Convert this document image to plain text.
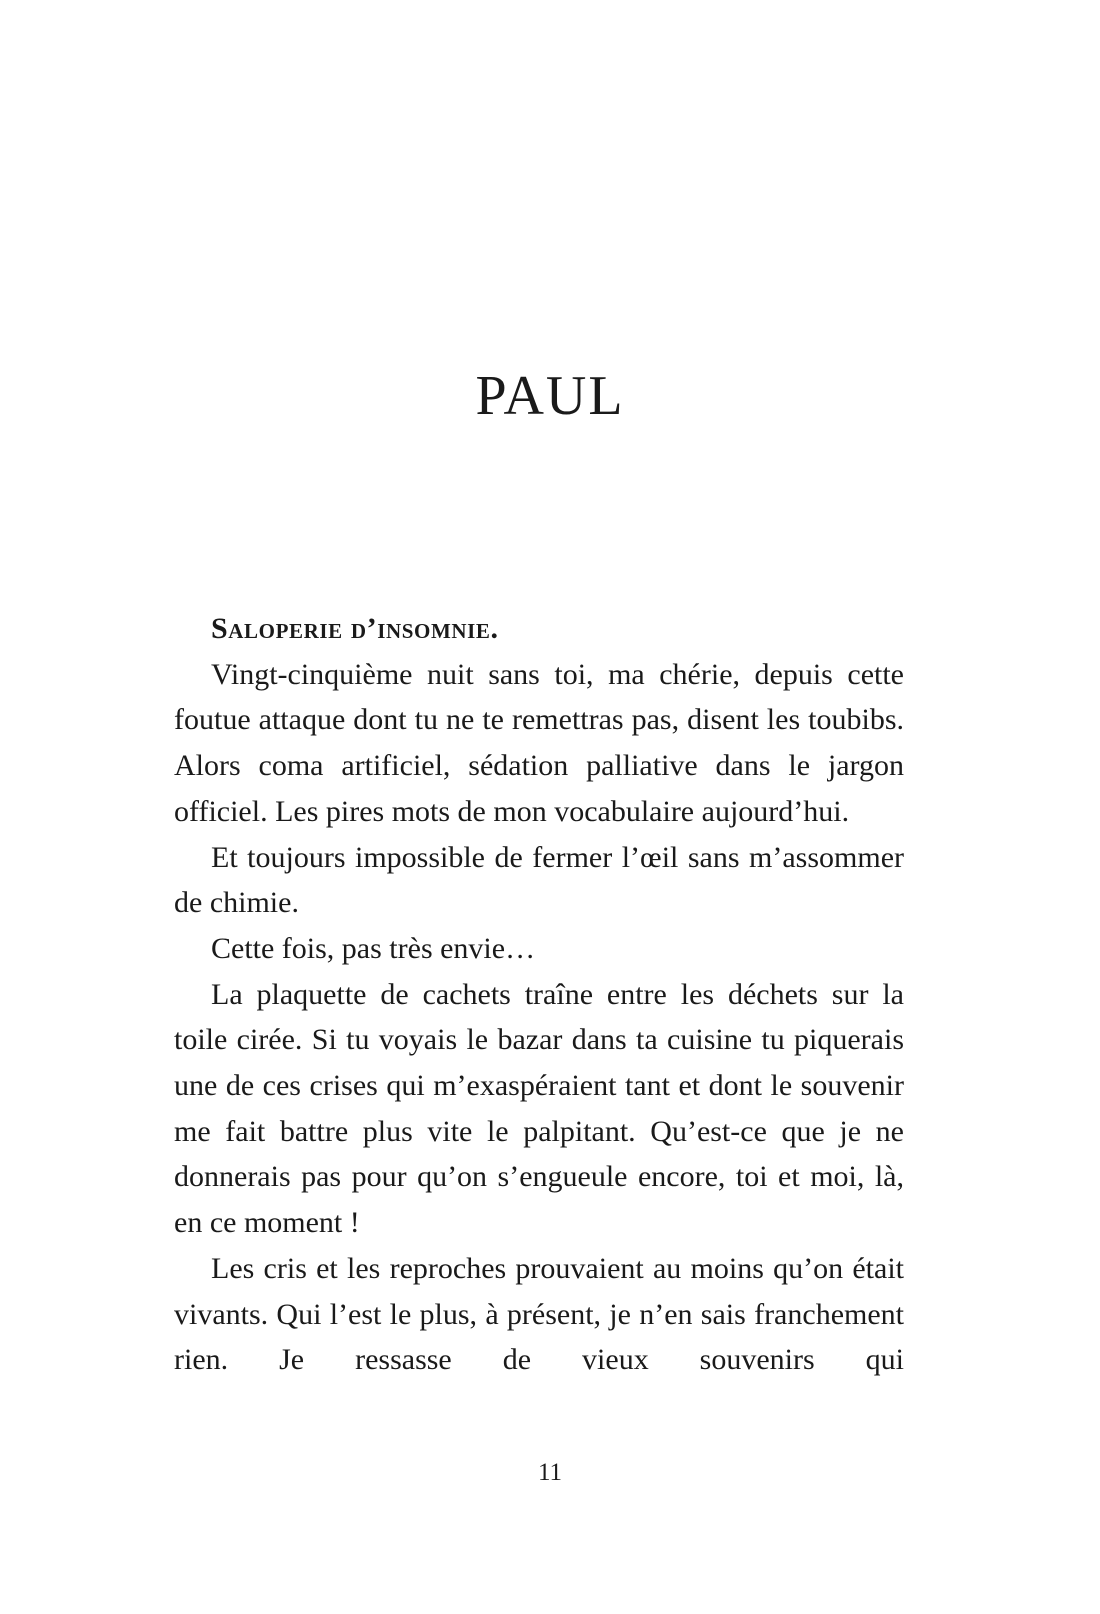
PAUL

Saloperie d’insomnie.

Vingt-cinquième nuit sans toi, ma chérie, depuis cette foutue attaque dont tu ne te remettras pas, disent les toubibs. Alors coma artificiel, sédation palliative dans le jargon officiel. Les pires mots de mon vocabulaire aujourd’hui.

Et toujours impossible de fermer l’œil sans m’assommer de chimie.

Cette fois, pas très envie…

La plaquette de cachets traîne entre les déchets sur la toile cirée. Si tu voyais le bazar dans ta cuisine tu piquerais une de ces crises qui m’exaspéraient tant et dont le souvenir me fait battre plus vite le palpitant. Qu’est-ce que je ne donnerais pas pour qu’on s’engueule encore, toi et moi, là, en ce moment !

Les cris et les reproches prouvaient au moins qu’on était vivants. Qui l’est le plus, à présent, je n’en sais franchement rien. Je ressasse de vieux souvenirs qui

11
